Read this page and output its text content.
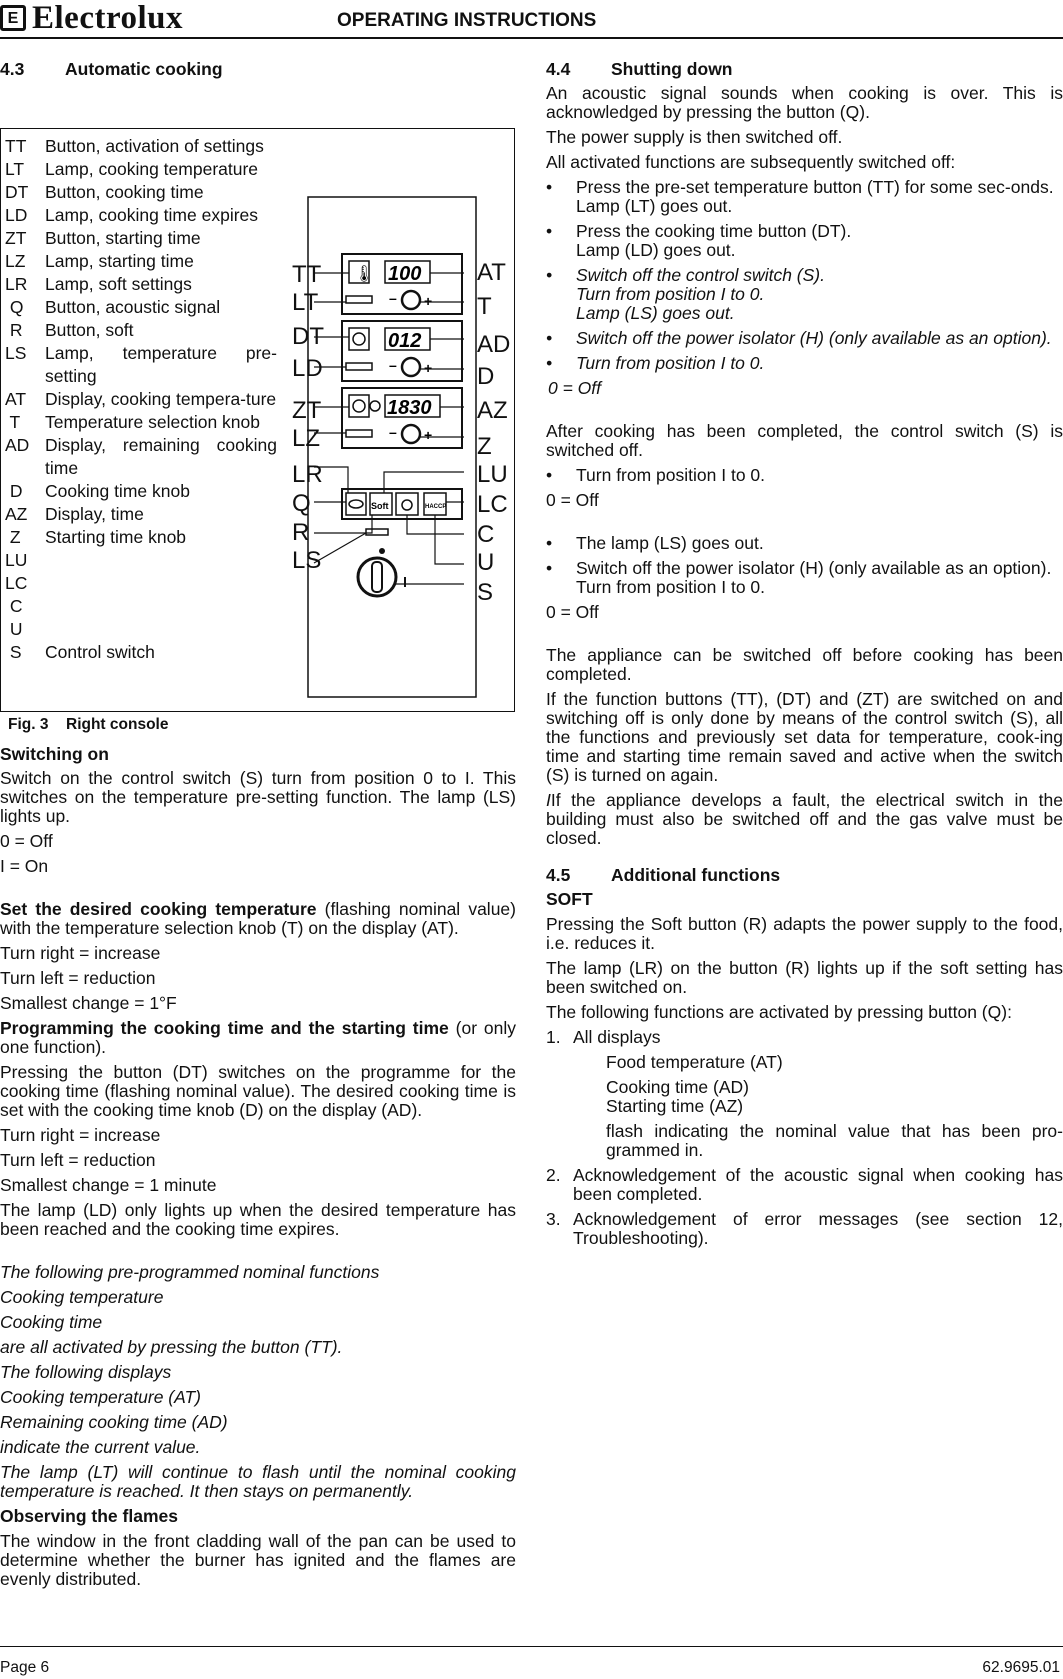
E Electrolux	OPERATING INSTRUCTIONS
4.3	Automatic cooking
TT	Button, activation of settings
LT	Lamp, cooking temperature
DT Button, cooking time
LD	Lamp, cooking time expires
ZT	Button, starting time
LZ	Lamp, starting time
LR	Lamp, soft settings
Q	Button, acoustic signal
R	Button, soft
LS	Lamp, temperature pre-setting
AT	Display, cooking tempera-ture
T	Temperature selection knob
AD Display, remaining cooking time
D	Cooking time knob
AZ	Display, time
Z	Starting time knob
LU
LC
C
U
S	Control switch
🌡 100
+
–
012
+
–
1830
+
–
Soft	HACCP
TT
LT
DT
LD
ZT
LZ
LR
Q
R
LS
AT
T
AD
D
AZ
Z
LU
LC
C
U
S
Fig. 3 Right console

Switching on

Switch on the control switch (S) turn from position 0 to I. This switches on the temperature pre-setting function. The lamp (LS) lights up.

0 = Off

I = On

Set the desired cooking temperature (flashing nominal value) with the temperature selection knob (T) on the display (AT).

Turn right = increase

Turn left = reduction

Smallest change = 1°F

Programming the cooking time and the starting time (or only one function).

Pressing the button (DT) switches on the programme for the cooking time (flashing nominal value). The desired cooking time is set with the cooking time knob (D) on the display (AD).

Turn right = increase

Turn left = reduction

Smallest change = 1 minute

The lamp (LD) only lights up when the desired temperature has been reached and the cooking time expires.

The following pre-programmed nominal functions

Cooking temperature

Cooking time

are all activated by pressing the button (TT).

The following displays

Cooking temperature (AT)

Remaining cooking time (AD)

indicate the current value.

The lamp (LT) will continue to flash until the nominal cooking temperature is reached. It then stays on permanently.

Observing the flames

The window in the front cladding wall of the pan can be used to determine whether the burner has ignited and the flames are evenly distributed.

4.4	Shutting down

An acoustic signal sounds when cooking is over. This is acknowledged by pressing the button (Q).

The power supply is then switched off.

All activated functions are subsequently switched off:

•	Press the pre-set temperature button (TT) for some sec-onds.
Lamp (LT) goes out.
•	Press the cooking time button (DT).
Lamp (LD) goes out.
•	Switch off the control switch (S).
Turn from position I to 0.
Lamp (LS) goes out.
•	Switch off the power isolator (H) (only available as an option).
•	Turn from position I to 0.

0 = Off

After cooking has been completed, the control switch (S) is switched off.

•	Turn from position I to 0.

0 = Off

•	The lamp (LS) goes out.
•	Switch off the power isolator (H) (only available as an option).
Turn from position I to 0.

0 = Off

The appliance can be switched off before cooking has been completed.

If the function buttons (TT), (DT) and (ZT) are switched on and switching off is only done by means of the control switch (S), all the functions and previously set data for temperature, cook-ing time and starting time remain saved and active when the switch (S) is turned on again.

IIf the appliance develops a fault, the electrical switch in the building must also be switched off and the gas valve must be closed.

4.5	Additional functions

SOFT

Pressing the Soft button (R) adapts the power supply to the food, i.e. reduces it.

The lamp (LR) on the button (R) lights up if the soft setting has been switched on.

The following functions are activated by pressing button (Q):

1. All displays

Food temperature (AT)

Cooking time (AD)

Starting time (AZ)

flash indicating the nominal value that has been pro-grammed in.

2. Acknowledgement of the acoustic signal when cooking has been completed.
3. Acknowledgement of error messages (see section 12, Troubleshooting).
Page 6	62.9695.01
